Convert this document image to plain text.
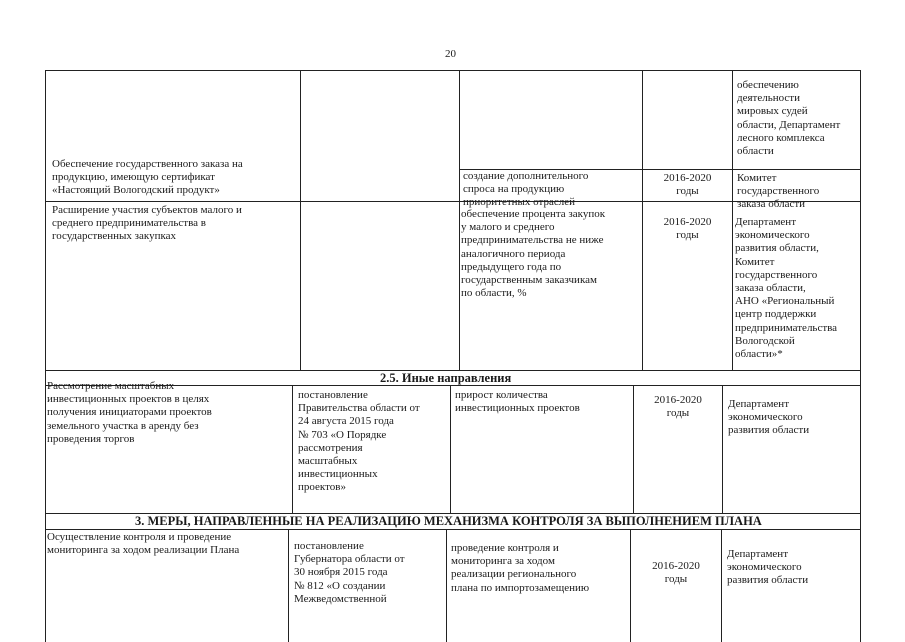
20
обеспечению
деятельности
мировых судей
области, Департамент
лесного комплекса
области
Обеспечение государственного заказа на
продукцию, имеющую сертификат
«Настоящий Вологодский продукт»
создание дополнительного
спроса на продукцию
приоритетных отраслей
2016-2020
годы
Комитет
государственного
заказа области
Расширение участия субъектов малого и
среднего предпринимательства в
государственных закупках
обеспечение процента закупок
у малого и среднего
предпринимательства не ниже
аналогичного периода
предыдущего года по
государственным заказчикам
по области, %
2016-2020
годы
Департамент
экономического
развития области,
Комитет
государственного
заказа области,
АНО «Региональный
центр поддержки
предпринимательства
Вологодской
области»*
2.5. Иные направления
Рассмотрение масштабных
инвестиционных проектов в целях
получения инициаторами проектов
земельного участка в аренду без
проведения торгов
постановление
Правительства области от
24 августа 2015 года
№ 703 «О Порядке
рассмотрения
масштабных
инвестиционных
проектов»
прирост количества
инвестиционных проектов
2016-2020
годы
Департамент
экономического
развития области
3. МЕРЫ, НАПРАВЛЕННЫЕ НА РЕАЛИЗАЦИЮ МЕХАНИЗМА КОНТРОЛЯ ЗА ВЫПОЛНЕНИЕМ ПЛАНА
Осуществление контроля и проведение
мониторинга за ходом реализации Плана	постановление
Губернатора области от
30 ноября 2015 года
№ 812 «О создании
Межведомственной
проведение контроля и
мониторинга за ходом
реализации регионального
плана по импортозамещению
2016-2020
годы
Департамент
экономического
развития области
